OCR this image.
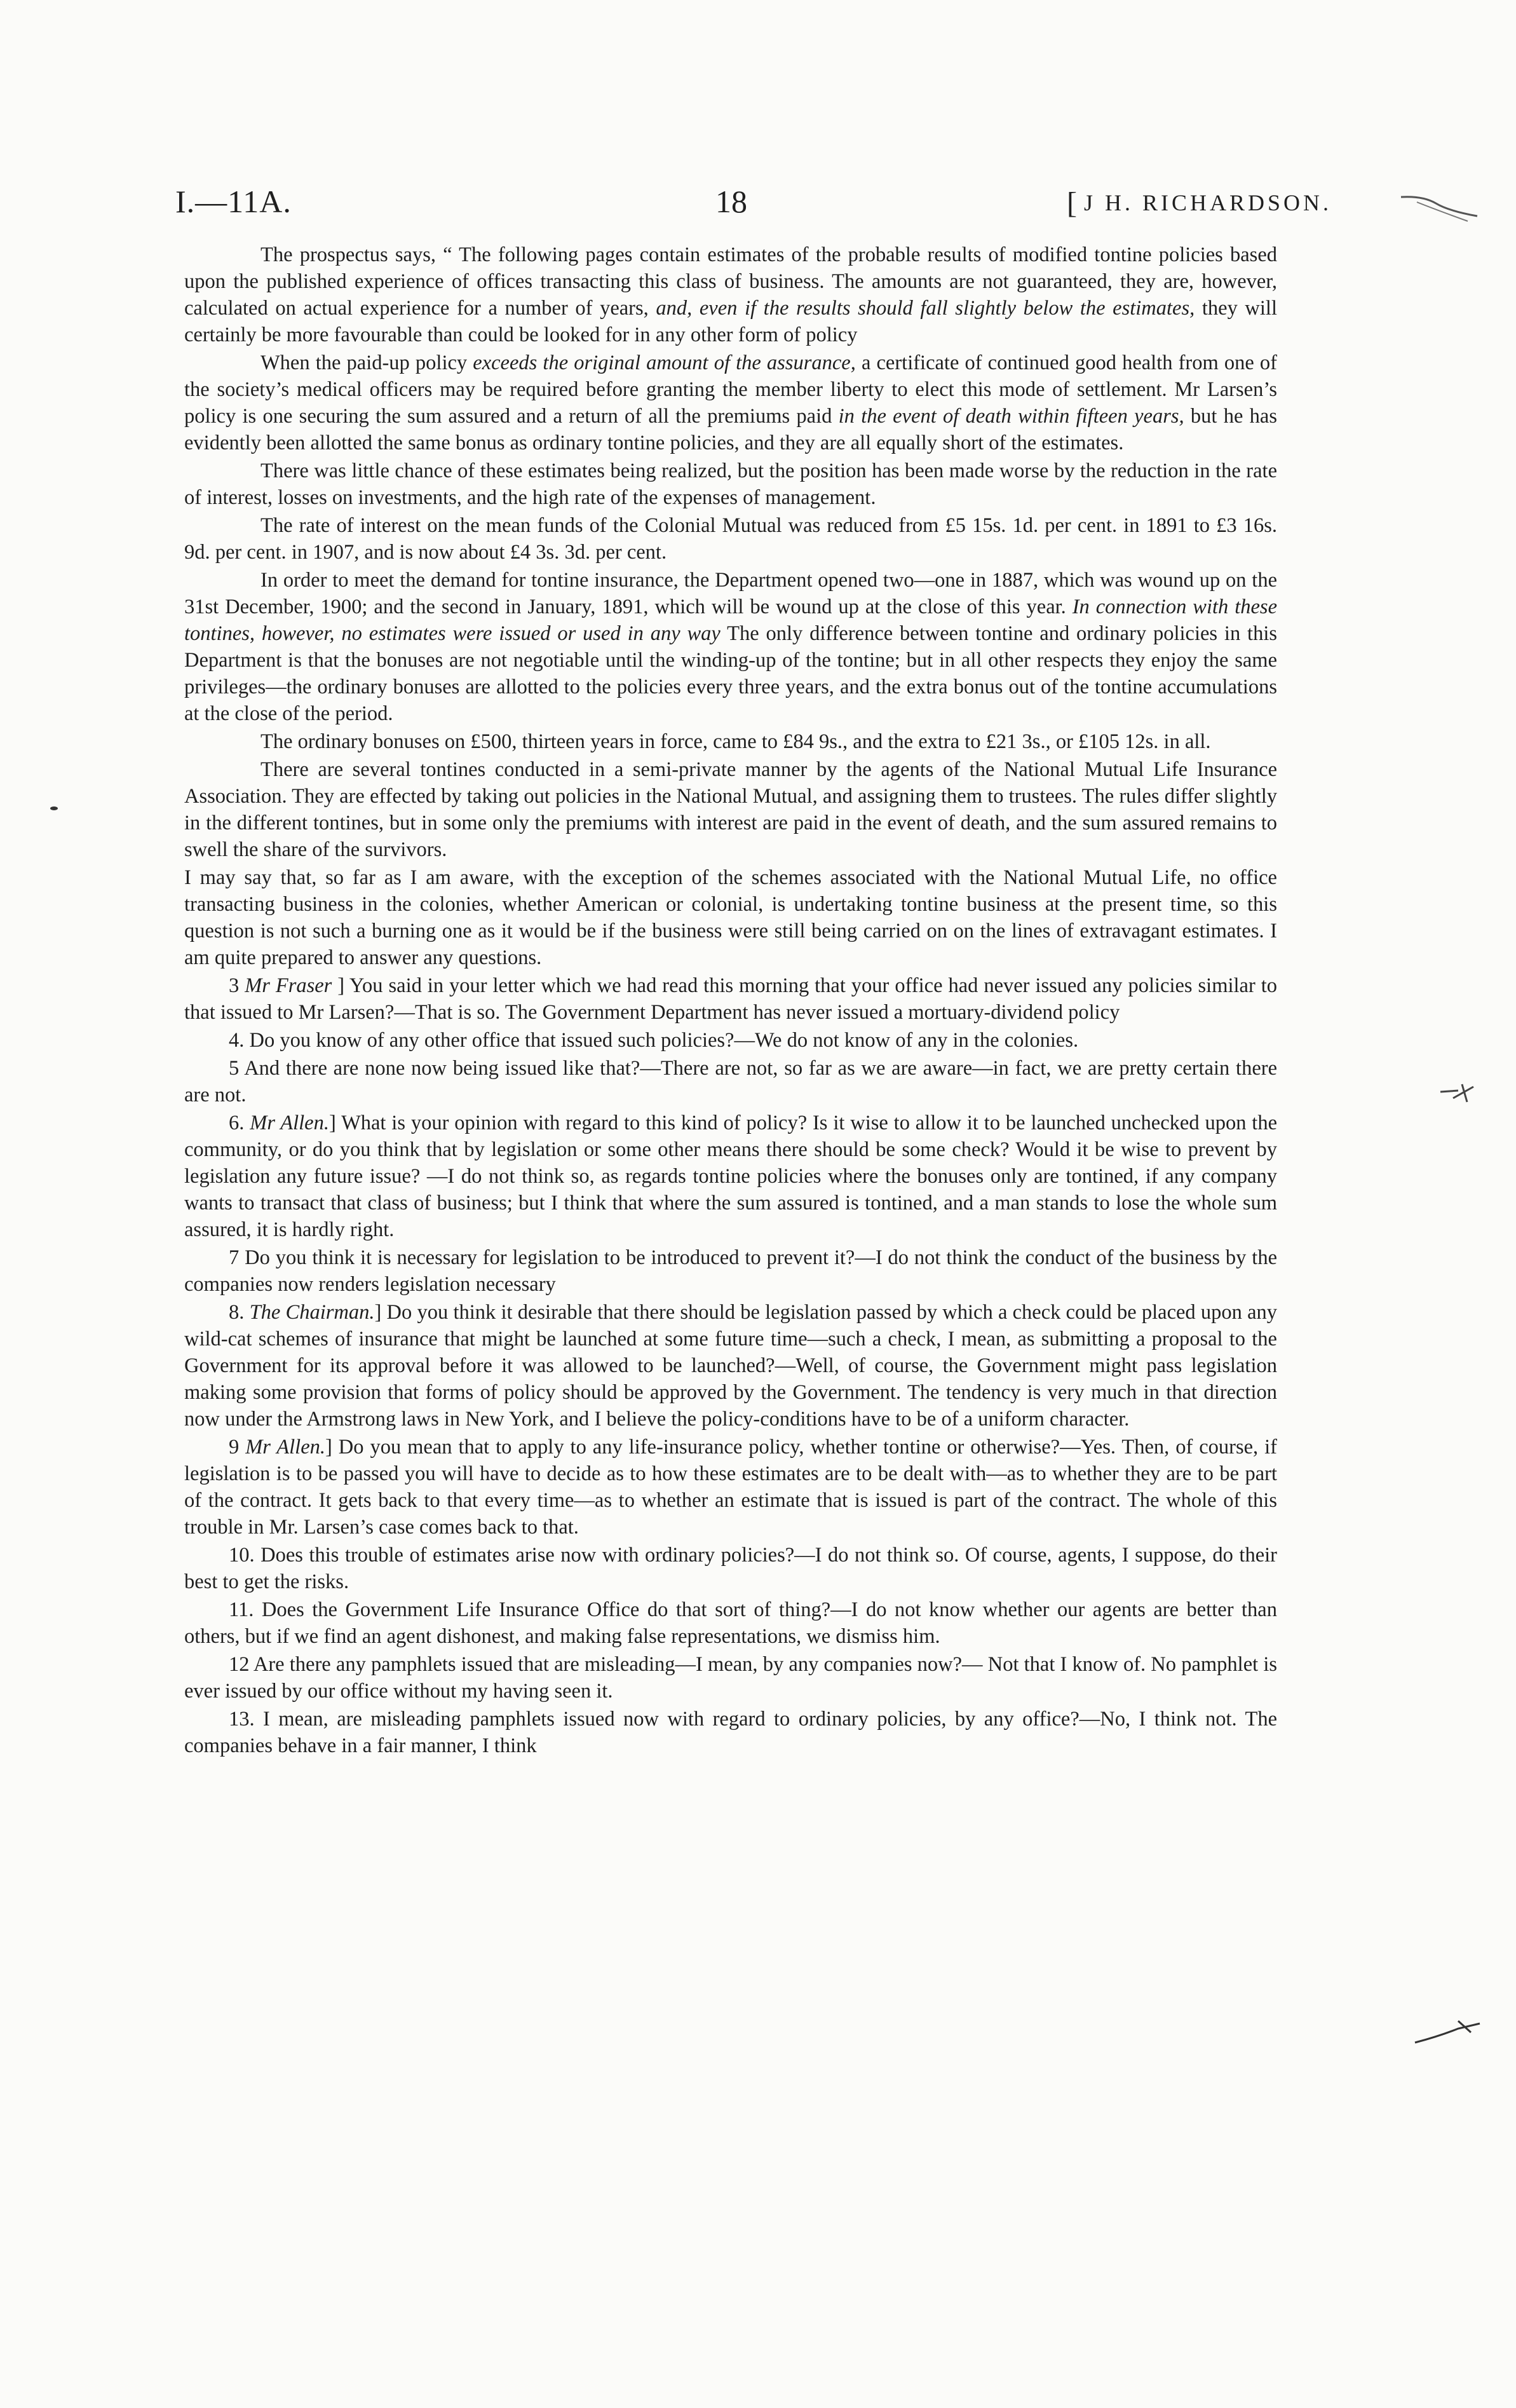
I.—11A.	18	[ J H. RICHARDSON.

The prospectus says, “ The following pages contain estimates of the probable results of modified tontine policies based upon the published experience of offices transacting this class of business. The amounts are not guaranteed, they are, however, calculated on actual experience for a number of years, and, even if the results should fall slightly below the estimates, they will certainly be more favourable than could be looked for in any other form of policy

When the paid-up policy exceeds the original amount of the assurance, a certificate of continued good health from one of the society’s medical officers may be required before granting the member liberty to elect this mode of settlement. Mr Larsen’s policy is one securing the sum assured and a return of all the premiums paid in the event of death within fifteen years, but he has evidently been allotted the same bonus as ordinary tontine policies, and they are all equally short of the estimates.

There was little chance of these estimates being realized, but the position has been made worse by the reduction in the rate of interest, losses on investments, and the high rate of the expenses of management.

The rate of interest on the mean funds of the Colonial Mutual was reduced from £5 15s. 1d. per cent. in 1891 to £3 16s. 9d. per cent. in 1907, and is now about £4 3s. 3d. per cent.

In order to meet the demand for tontine insurance, the Department opened two—one in 1887, which was wound up on the 31st December, 1900; and the second in January, 1891, which will be wound up at the close of this year. In connection with these tontines, however, no estimates were issued or used in any way The only difference between tontine and ordinary policies in this Department is that the bonuses are not negotiable until the winding-up of the tontine; but in all other respects they enjoy the same privileges—the ordinary bonuses are allotted to the policies every three years, and the extra bonus out of the tontine accumulations at the close of the period.

The ordinary bonuses on £500, thirteen years in force, came to £84 9s., and the extra to £21 3s., or £105 12s. in all.

There are several tontines conducted in a semi-private manner by the agents of the National Mutual Life Insurance Association. They are effected by taking out policies in the National Mutual, and assigning them to trustees. The rules differ slightly in the different tontines, but in some only the premiums with interest are paid in the event of death, and the sum assured remains to swell the share of the survivors.

I may say that, so far as I am aware, with the exception of the schemes associated with the National Mutual Life, no office transacting business in the colonies, whether American or colonial, is undertaking tontine business at the present time, so this question is not such a burning one as it would be if the business were still being carried on on the lines of extravagant estimates. I am quite prepared to answer any questions.

3 Mr Fraser ] You said in your letter which we had read this morning that your office had never issued any policies similar to that issued to Mr Larsen?—That is so. The Government Department has never issued a mortuary-dividend policy

4. Do you know of any other office that issued such policies?—We do not know of any in the colonies.

5 And there are none now being issued like that?—There are not, so far as we are aware—in fact, we are pretty certain there are not.

6. Mr Allen.] What is your opinion with regard to this kind of policy? Is it wise to allow it to be launched unchecked upon the community, or do you think that by legislation or some other means there should be some check? Would it be wise to prevent by legislation any future issue? —I do not think so, as regards tontine policies where the bonuses only are tontined, if any company wants to transact that class of business; but I think that where the sum assured is tontined, and a man stands to lose the whole sum assured, it is hardly right.

7 Do you think it is necessary for legislation to be introduced to prevent it?—I do not think the conduct of the business by the companies now renders legislation necessary

8. The Chairman.] Do you think it desirable that there should be legislation passed by which a check could be placed upon any wild-cat schemes of insurance that might be launched at some future time—such a check, I mean, as submitting a proposal to the Government for its approval before it was allowed to be launched?—Well, of course, the Government might pass legislation making some provision that forms of policy should be approved by the Government. The tendency is very much in that direction now under the Armstrong laws in New York, and I believe the policy-conditions have to be of a uniform character.

9 Mr Allen.] Do you mean that to apply to any life-insurance policy, whether tontine or otherwise?—Yes. Then, of course, if legislation is to be passed you will have to decide as to how these estimates are to be dealt with—as to whether they are to be part of the contract. It gets back to that every time—as to whether an estimate that is issued is part of the contract. The whole of this trouble in Mr. Larsen’s case comes back to that.

10. Does this trouble of estimates arise now with ordinary policies?—I do not think so. Of course, agents, I suppose, do their best to get the risks.

11. Does the Government Life Insurance Office do that sort of thing?—I do not know whether our agents are better than others, but if we find an agent dishonest, and making false representations, we dismiss him.

12 Are there any pamphlets issued that are misleading—I mean, by any companies now?— Not that I know of. No pamphlet is ever issued by our office without my having seen it.

13. I mean, are misleading pamphlets issued now with regard to ordinary policies, by any office?—No, I think not. The companies behave in a fair manner, I think
